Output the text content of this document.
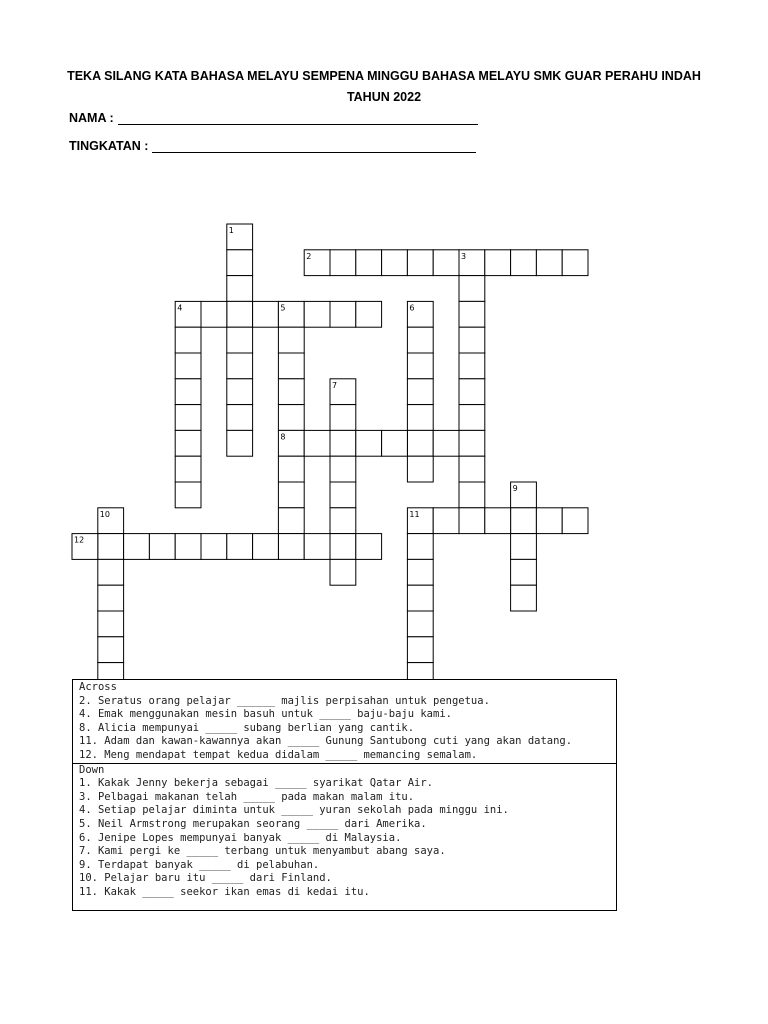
TEKA SILANG KATA BAHASA MELAYU SEMPENA MINGGU BAHASA MELAYU SMK GUAR PERAHU INDAH
TAHUN 2022
NAMA :
TINGKATAN :
1
2	3
4	5	6
7
8
9
10	11
12
Across
2. Seratus orang pelajar ______ majlis perpisahan untuk pengetua.
4. Emak menggunakan mesin basuh untuk _____ baju-baju kami.
8. Alicia mempunyai _____ subang berlian yang cantik.
11. Adam dan kawan-kawannya akan _____ Gunung Santubong cuti yang akan datang.
12. Meng mendapat tempat kedua didalam _____ memancing semalam.
Down
1. Kakak Jenny bekerja sebagai _____ syarikat Qatar Air.
3. Pelbagai makanan telah _____ pada makan malam itu.
4. Setiap pelajar diminta untuk _____ yuran sekolah pada minggu ini.
5. Neil Armstrong merupakan seorang _____ dari Amerika.
6. Jenipe Lopes mempunyai banyak _____ di Malaysia.
7. Kami pergi ke _____ terbang untuk menyambut abang saya.
9. Terdapat banyak _____ di pelabuhan.
10. Pelajar baru itu _____ dari Finland.
11. Kakak _____ seekor ikan emas di kedai itu.
